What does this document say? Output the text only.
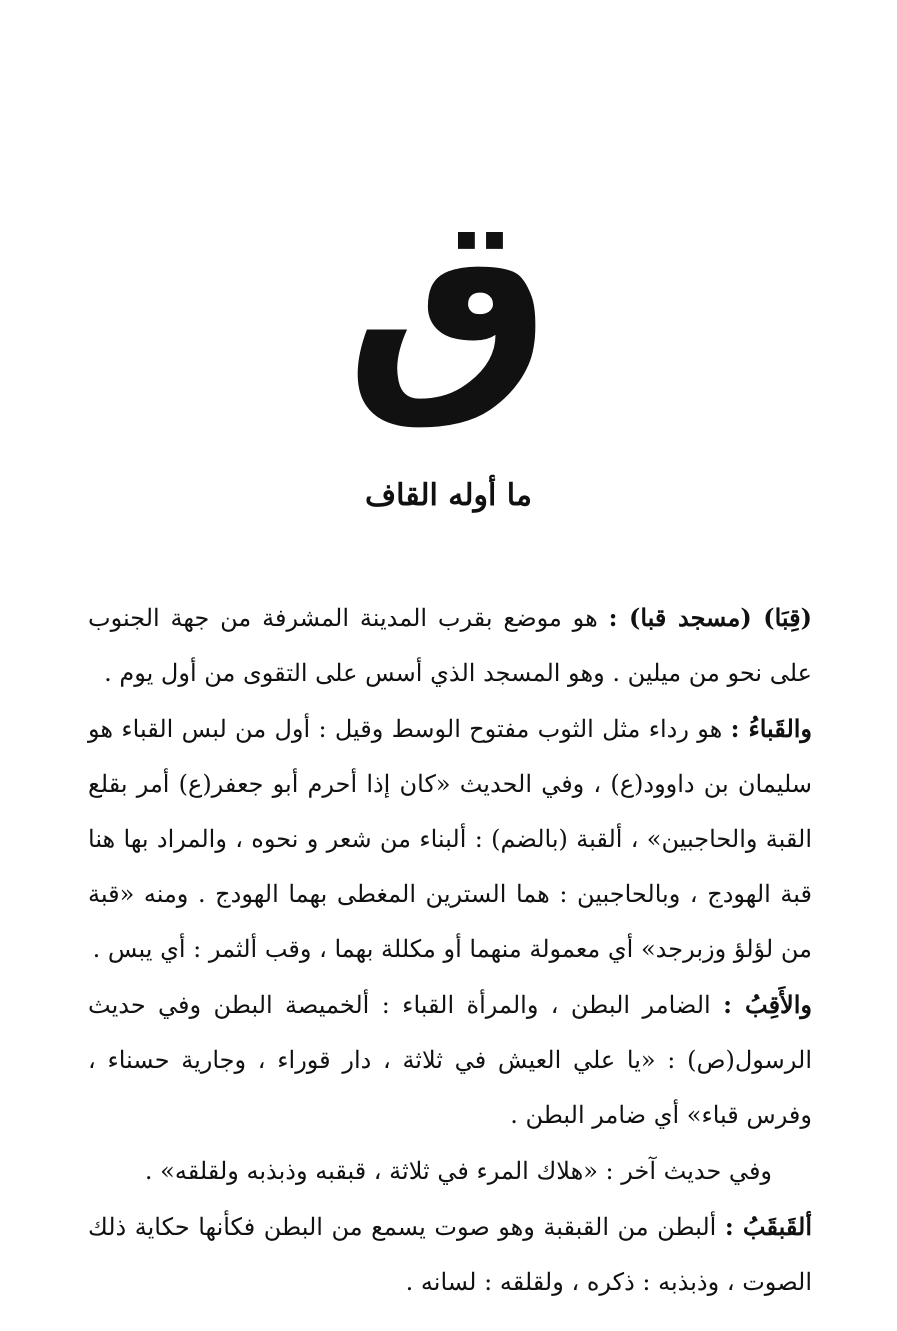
ق
ما أوله القاف

(قِبَا) (مسجد قبا) : هو موضع بقرب المدينة المشرفة من جهة الجنوب على نحو من ميلين . وهو المسجد الذي أسس على التقوى من أول يوم .

والقَباءُ : هو رداء مثل الثوب مفتوح الوسط وقيل : أول من لبس القباء هو سليمان بن داوود(ع) ، وفي الحديث «كان إذا أحرم أبو جعفر(ع) أمر بقلع القبة والحاجبين» ، ألقبة (بالضم) : ألبناء من شعر و نحوه ، والمراد بها هنا قبة الهودج ، وبالحاجبين : هما السترين المغطى بهما الهودج . ومنه «قبة من لؤلؤ وزبرجد» أي معمولة منهما أو مكللة بهما ، وقب ألثمر : أي يبس .

والأَقِبُ : الضامر البطن ، والمرأة القباء : ألخميصة البطن وفي حديث الرسول(ص) : «يا علي العيش في ثلاثة ، دار قوراء ، وجارية حسناء ، وفرس قباء» أي ضامر البطن .

وفي حديث آخر : «هلاك المرء في ثلاثة ، قبقبه وذبذبه ولقلقه» .

ألقَبقَبُ : ألبطن من القبقبة وهو صوت يسمع من البطن فكأنها حكاية ذلك الصوت ، وذبذبه : ذكره ، ولقلقه : لسانه .
